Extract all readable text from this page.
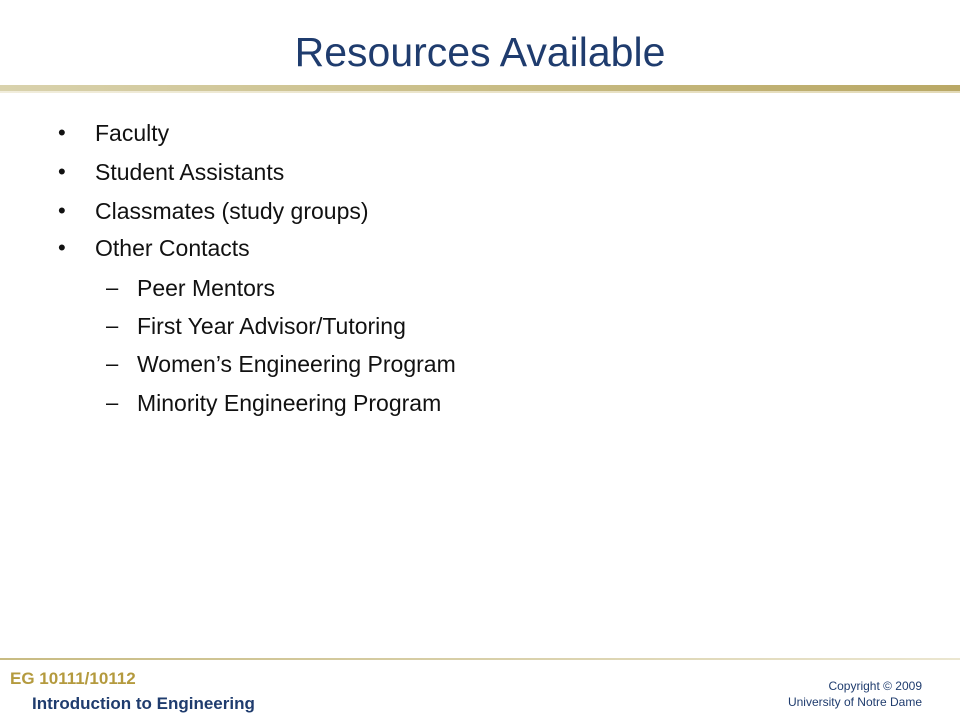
Resources Available
• Faculty
• Student Assistants
• Classmates (study groups)
• Other Contacts
– Peer Mentors
– First Year Advisor/Tutoring
– Women’s Engineering Program
– Minority Engineering Program
EG 10111/10112
Introduction to Engineering
Copyright © 2009
University of Notre Dame
